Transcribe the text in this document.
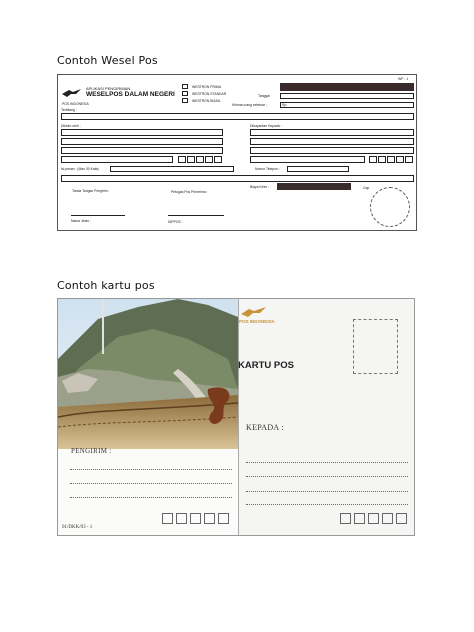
Contoh Wesel Pos
Contoh kartu pos
WP - 1
APLIKASI PENGIRIMAN
WESELPOS DALAM NEGERI
POS INDONESIA
WESTRON PRIMA
WESTRON STANDAR
WESTRON BIASA
Tanggal
Kiriman uang sebesar :	Rp.
Terbilang :
Dikirim oleh :	Dibayarkan Kepada :
Isi pesan : (Max 30 Kata)	Nomor Telepon :
Biaya Kirim :	Cap
Tanda Tangan Pengirim :	Petugas Pos Penerima :
Nama Jelas :	NIPPOS :
POS INDONESIA
KARTU POS
KEPADA :
PENGIRIM :
01/DKK/03 - 1
